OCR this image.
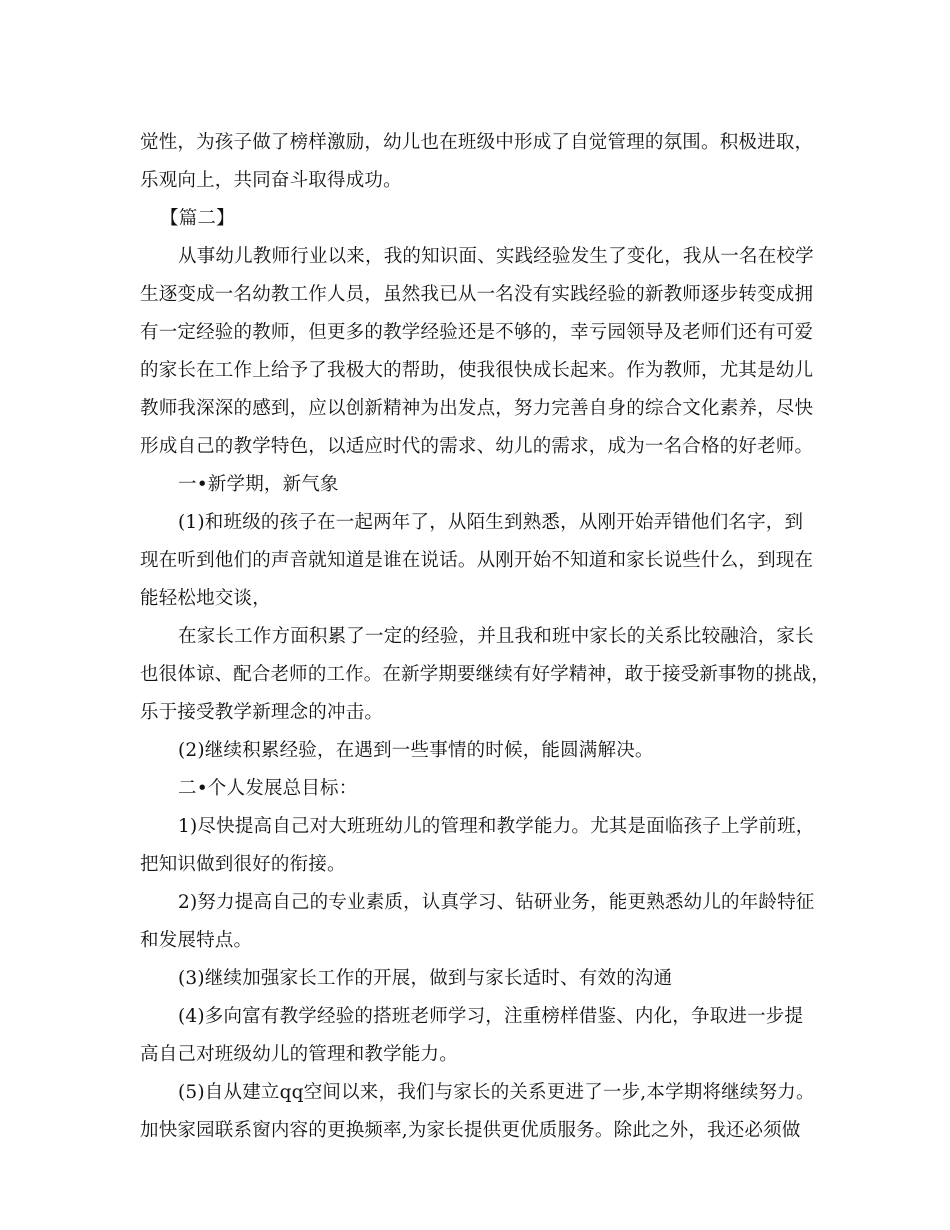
觉性，为孩子做了榜样激励，幼儿也在班级中形成了自觉管理的氛围。积极进取，
乐观向上，共同奋斗取得成功。
【篇二】
从事幼儿教师行业以来，我的知识面、实践经验发生了变化，我从一名在校学
生逐变成一名幼教工作人员，虽然我已从一名没有实践经验的新教师逐步转变成拥
有一定经验的教师，但更多的教学经验还是不够的，幸亏园领导及老师们还有可爱
的家长在工作上给予了我极大的帮助，使我很快成长起来。作为教师，尤其是幼儿
教师我深深的感到，应以创新精神为出发点，努力完善自身的综合文化素养，尽快
形成自己的教学特色，以适应时代的需求、幼儿的需求，成为一名合格的好老师。
一•新学期，新气象
(1)和班级的孩子在一起两年了，从陌生到熟悉，从刚开始弄错他们名字，到
现在听到他们的声音就知道是谁在说话。从刚开始不知道和家长说些什么，到现在
能轻松地交谈，
在家长工作方面积累了一定的经验，并且我和班中家长的关系比较融洽，家长
也很体谅、配合老师的工作。在新学期要继续有好学精神，敢于接受新事物的挑战，
乐于接受教学新理念的冲击。
(2)继续积累经验，在遇到一些事情的时候，能圆满解决。
二•个人发展总目标：
1)尽快提高自己对大班班幼儿的管理和教学能力。尤其是面临孩子上学前班，
把知识做到很好的衔接。
2)努力提高自己的专业素质，认真学习、钻研业务，能更熟悉幼儿的年龄特征
和发展特点。
(3)继续加强家长工作的开展，做到与家长适时、有效的沟通
(4)多向富有教学经验的搭班老师学习，注重榜样借鉴、内化，争取进一步提
高自己对班级幼儿的管理和教学能力。
(5)自从建立qq空间以来，我们与家长的关系更进了一步,本学期将继续努力。
加快家园联系窗内容的更换频率,为家长提供更优质服务。除此之外，我还必须做
